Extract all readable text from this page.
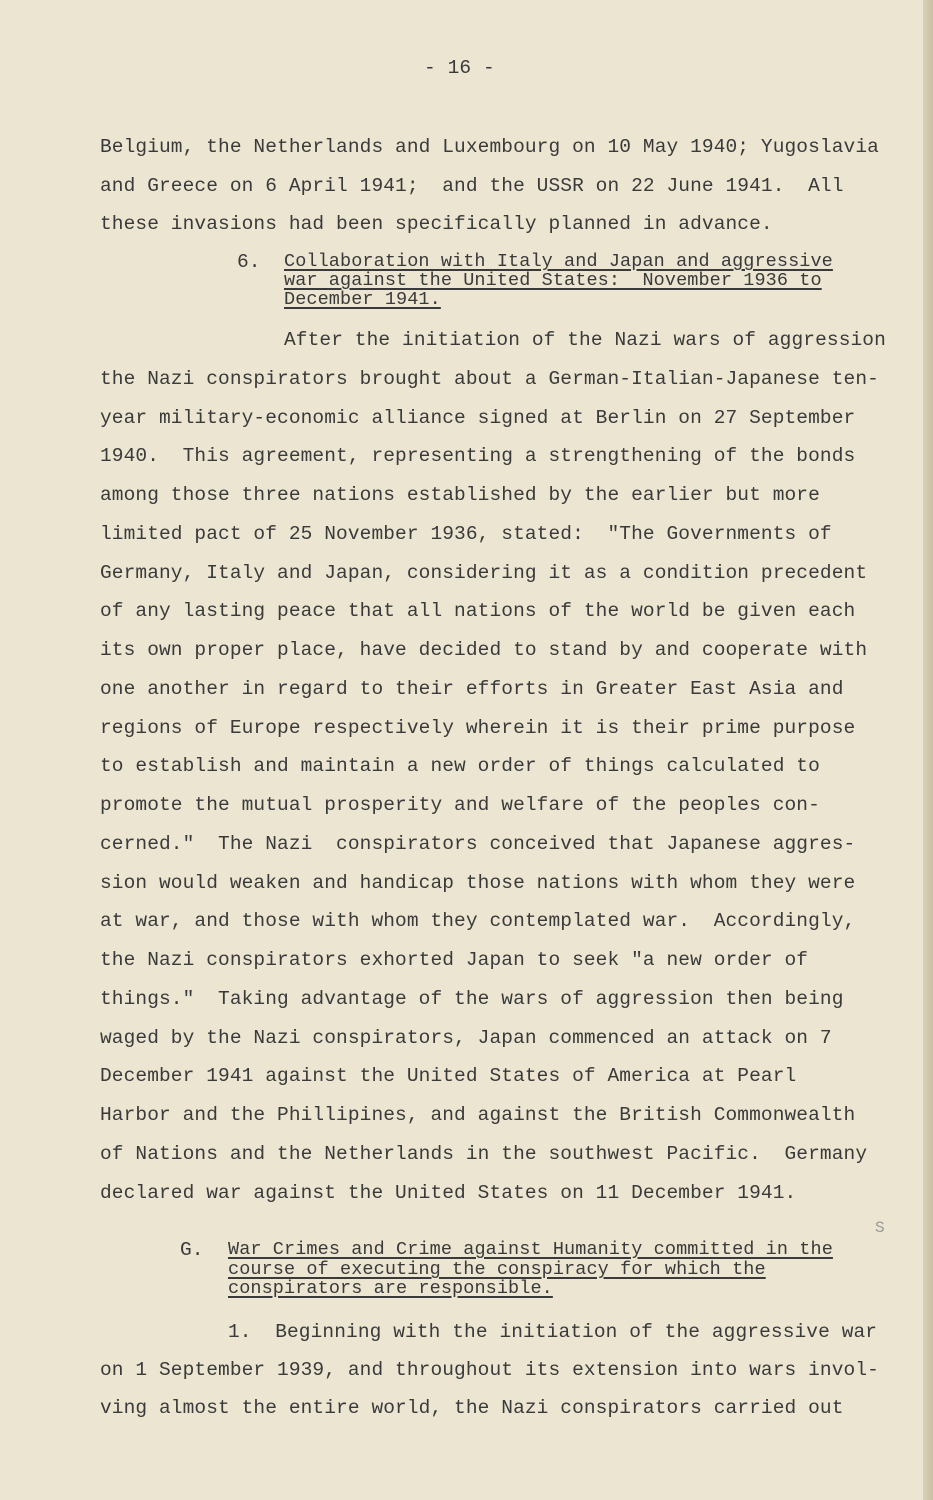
- 16 -
Belgium, the Netherlands and Luxembourg on 10 May 1940; Yugoslavia
and Greece on 6 April 1941;  and the USSR on 22 June 1941.  All
these invasions had been specifically planned in advance.
6. Collaboration with Italy and Japan and aggressive
war against the United States:  November 1936 to
December 1941.
After the initiation of the Nazi wars of aggression
the Nazi conspirators brought about a German-Italian-Japanese ten-
year military-economic alliance signed at Berlin on 27 September
1940.  This agreement, representing a strengthening of the bonds
among those three nations established by the earlier but more
limited pact of 25 November 1936, stated:  "The Governments of
Germany, Italy and Japan, considering it as a condition precedent
of any lasting peace that all nations of the world be given each
its own proper place, have decided to stand by and cooperate with
one another in regard to their efforts in Greater East Asia and
regions of Europe respectively wherein it is their prime purpose
to establish and maintain a new order of things calculated to
promote the mutual prosperity and welfare of the peoples con-
cerned."  The Nazi  conspirators conceived that Japanese aggres-
sion would weaken and handicap those nations with whom they were
at war, and those with whom they contemplated war.  Accordingly,
the Nazi conspirators exhorted Japan to seek "a new order of
things."  Taking advantage of the wars of aggression then being
waged by the Nazi conspirators, Japan commenced an attack on 7
December 1941 against the United States of America at Pearl
Harbor and the Phillipines, and against the British Commonwealth
of Nations and the Netherlands in the southwest Pacific.  Germany
declared war against the United States on 11 December 1941.
S
G. War Crimes and Crime against Humanity committed in the
course of executing the conspiracy for which the
conspirators are responsible.
1.  Beginning with the initiation of the aggressive war
on 1 September 1939, and throughout its extension into wars invol-
ving almost the entire world, the Nazi conspirators carried out
